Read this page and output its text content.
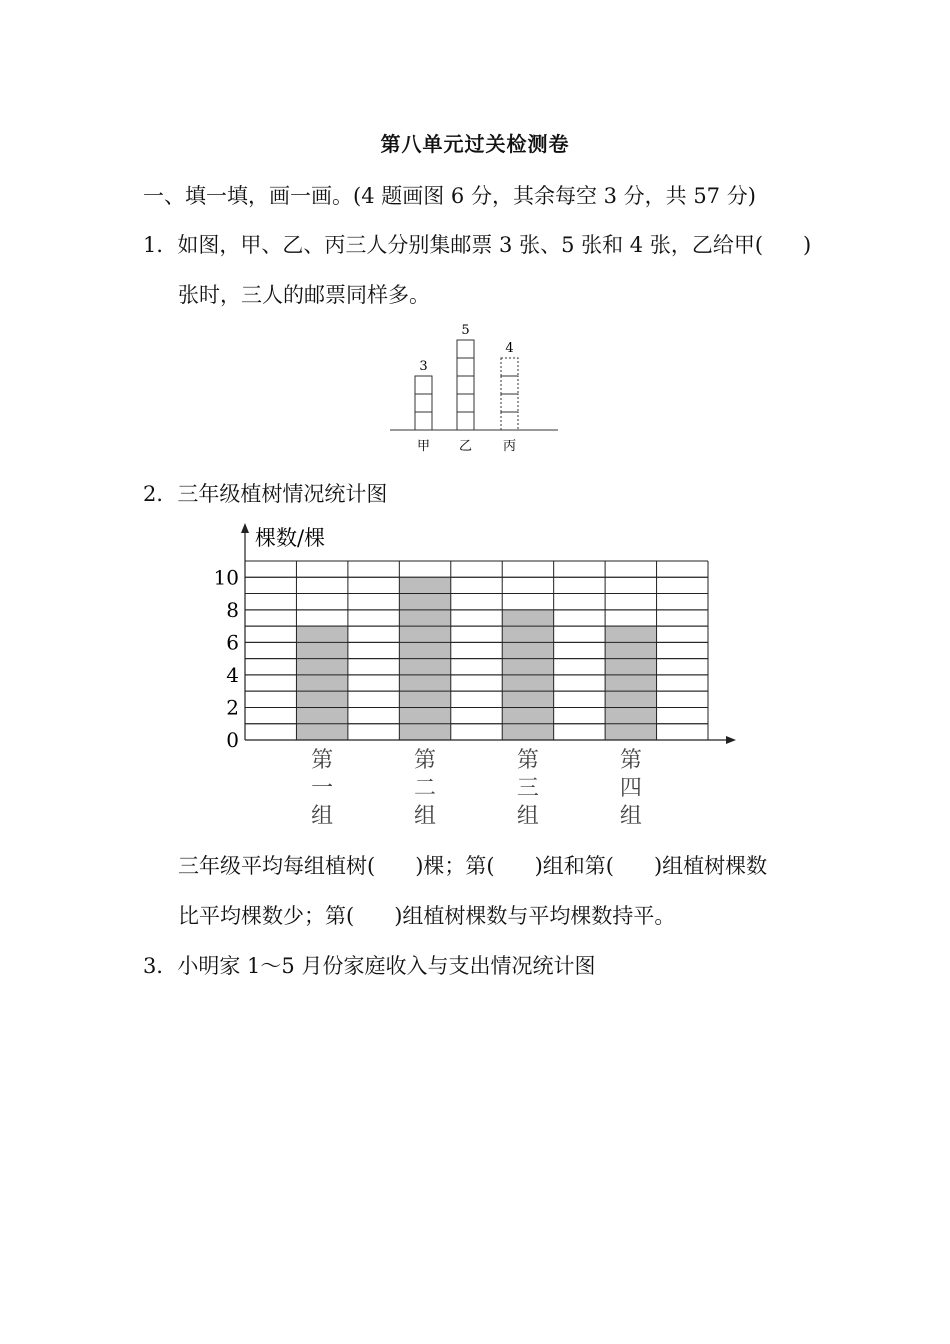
第八单元过关检测卷
一、填一填，画一画。(4 题画图 6 分，其余每空 3 分，共 57 分)
1．如图，甲、乙、丙三人分别集邮票 3 张、5 张和 4 张，乙给甲( )
张时，三人的邮票同样多。
3
甲
5
乙
4
丙
2．三年级植树情况统计图
棵数/棵
0
2
4
6
8
10
第
一
组
第
二
组
第
三
组
第
四
组
三年级平均每组植树( )棵；第( )组和第( )组植树棵数
比平均棵数少；第( )组植树棵数与平均棵数持平。
3．小明家 1～5 月份家庭收入与支出情况统计图
